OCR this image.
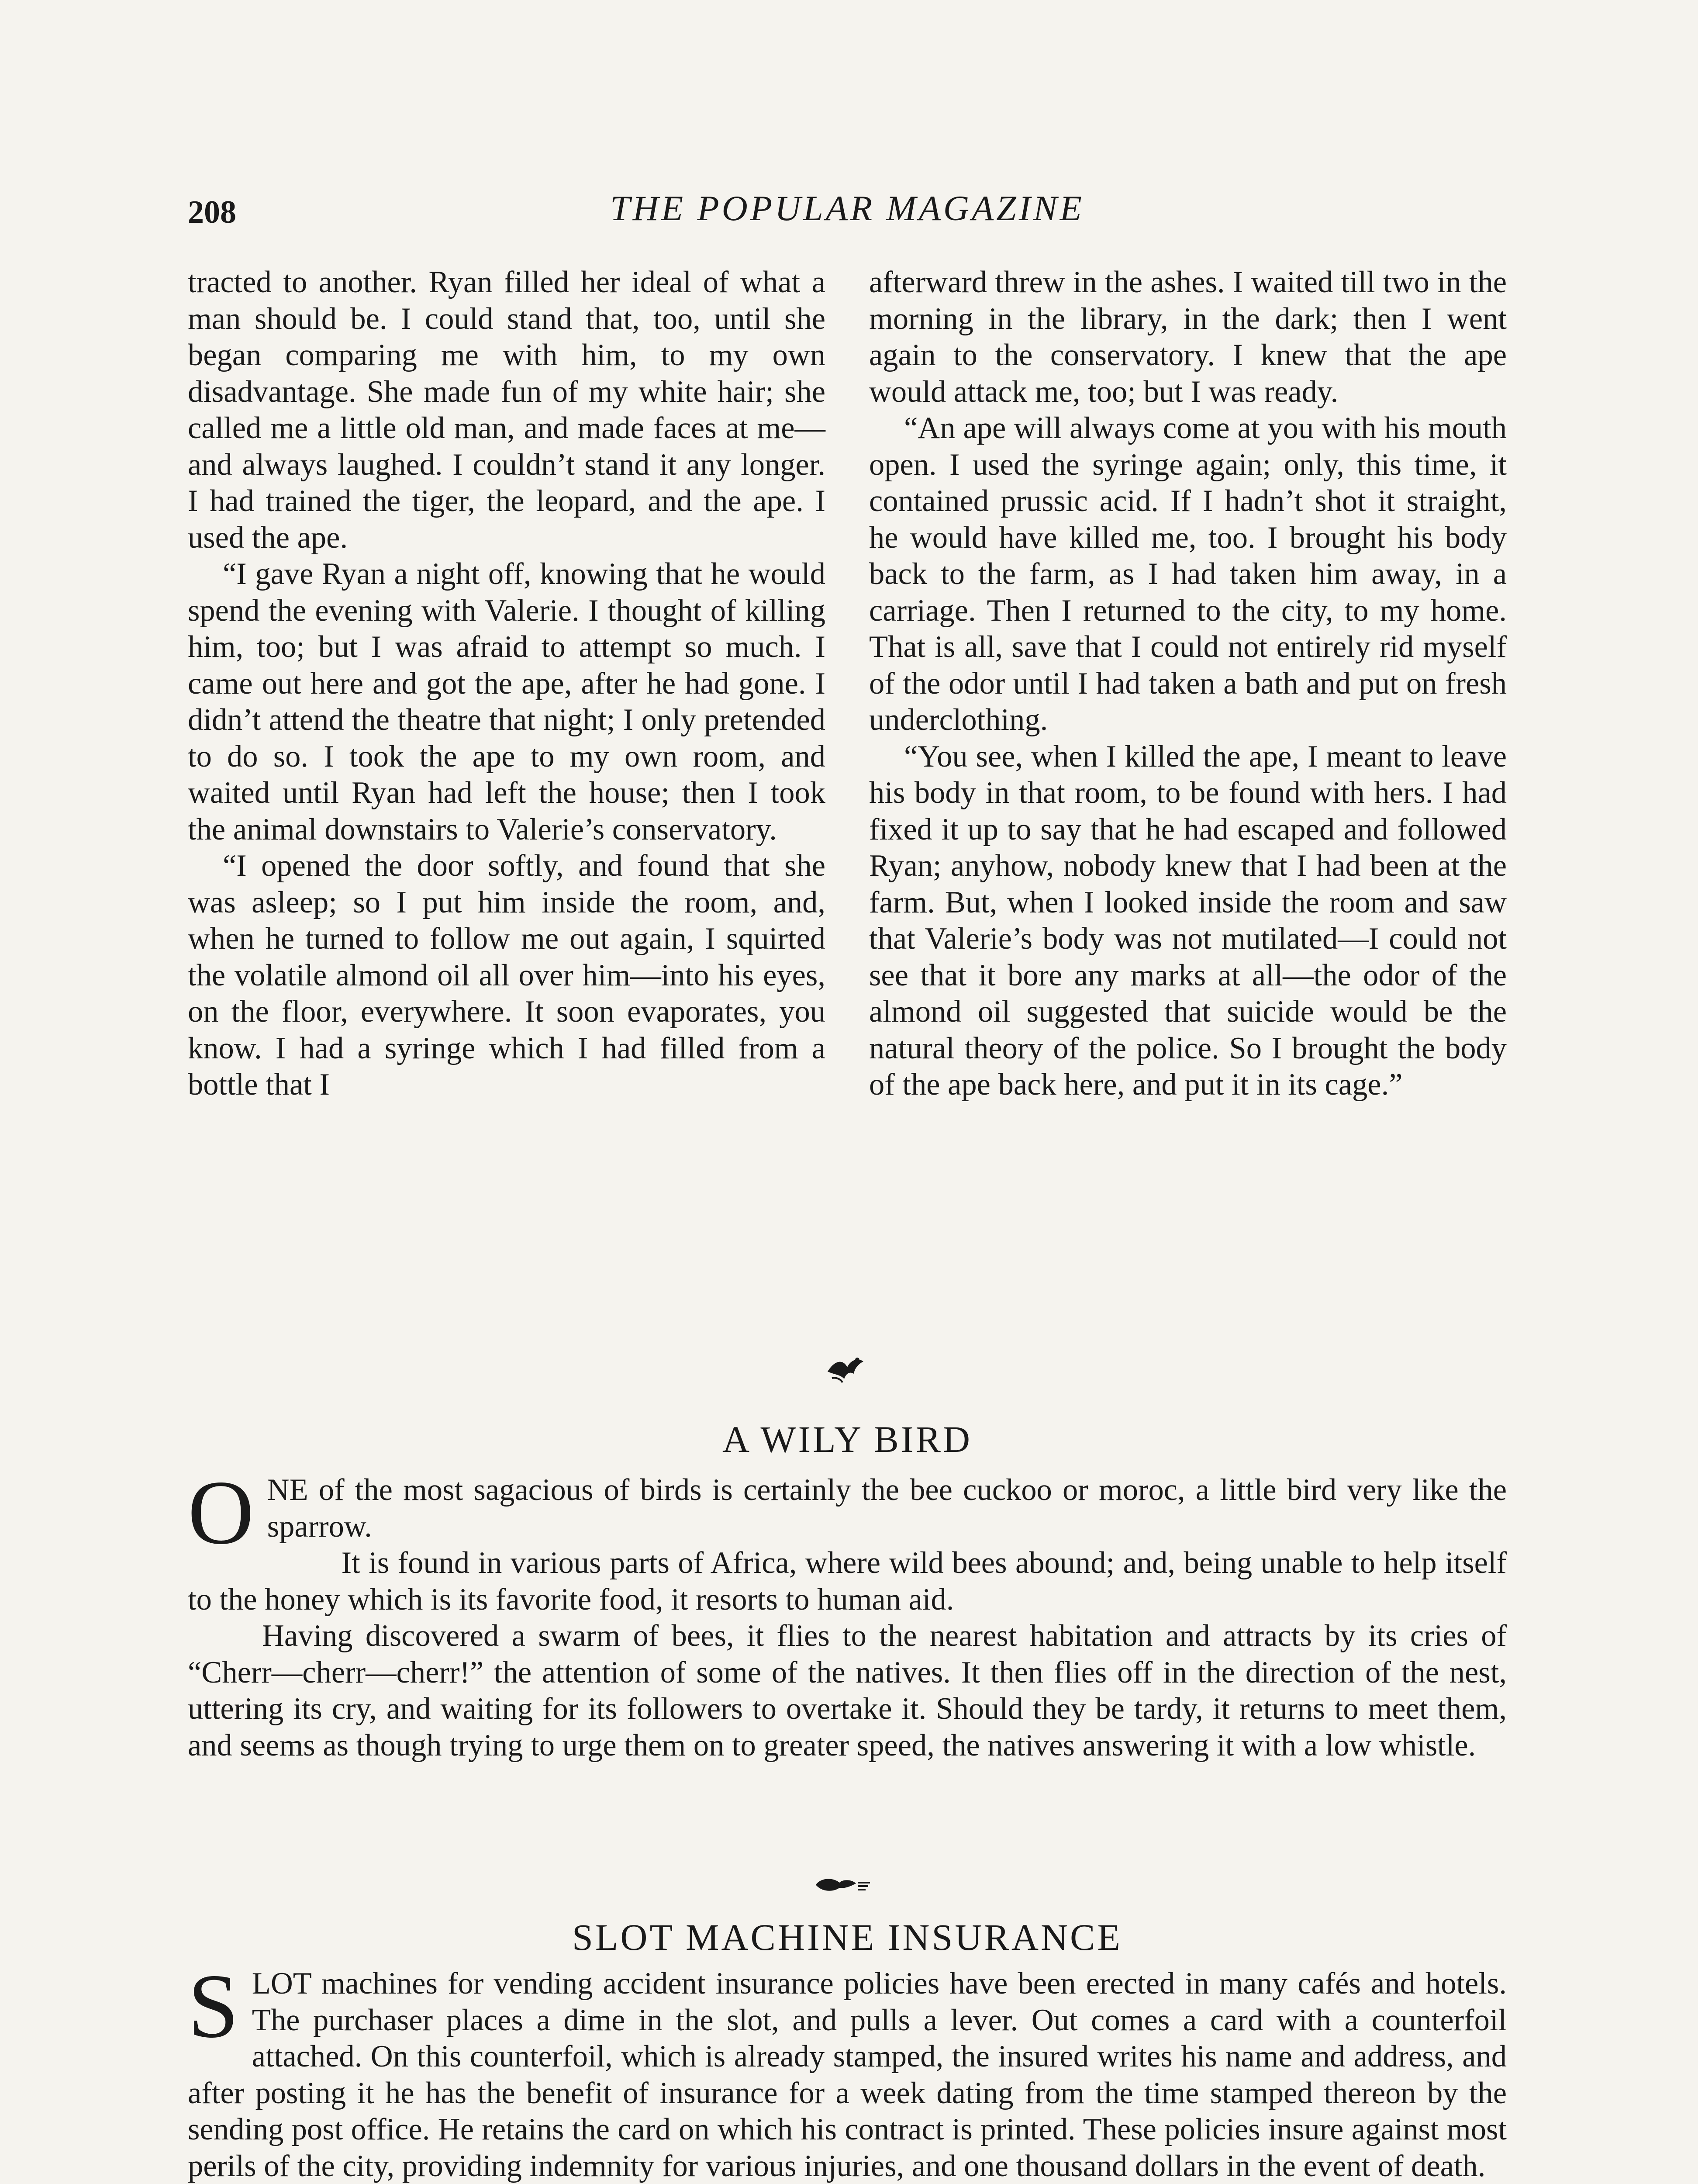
208	THE POPULAR MAGAZINE

tracted to another. Ryan filled her ideal of what a man should be. I could stand that, too, until she began comparing me with him, to my own disadvantage. She made fun of my white hair; she called me a little old man, and made faces at me—and always laughed. I couldn’t stand it any longer. I had trained the tiger, the leopard, and the ape. I used the ape.

“I gave Ryan a night off, knowing that he would spend the evening with Valerie. I thought of killing him, too; but I was afraid to attempt so much. I came out here and got the ape, after he had gone. I didn’t attend the theatre that night; I only pretended to do so. I took the ape to my own room, and waited until Ryan had left the house; then I took the animal downstairs to Valerie’s conservatory.

“I opened the door softly, and found that she was asleep; so I put him inside the room, and, when he turned to follow me out again, I squirted the volatile almond oil all over him—into his eyes, on the floor, everywhere. It soon evaporates, you know. I had a syringe which I had filled from a bottle that I

afterward threw in the ashes. I waited till two in the morning in the library, in the dark; then I went again to the conservatory. I knew that the ape would attack me, too; but I was ready.

“An ape will always come at you with his mouth open. I used the syringe again; only, this time, it contained prussic acid. If I hadn’t shot it straight, he would have killed me, too. I brought his body back to the farm, as I had taken him away, in a carriage. Then I returned to the city, to my home. That is all, save that I could not entirely rid myself of the odor until I had taken a bath and put on fresh underclothing.

“You see, when I killed the ape, I meant to leave his body in that room, to be found with hers. I had fixed it up to say that he had escaped and followed Ryan; anyhow, nobody knew that I had been at the farm. But, when I looked inside the room and saw that Valerie’s body was not mutilated—I could not see that it bore any marks at all—the odor of the almond oil suggested that suicide would be the natural theory of the police. So I brought the body of the ape back here, and put it in its cage.”

A WILY BIRD

ONE of the most sagacious of birds is certainly the bee cuckoo or moroc, a little bird very like the sparrow.

It is found in various parts of Africa, where wild bees abound; and, being unable to help itself to the honey which is its favorite food, it resorts to human aid.

Having discovered a swarm of bees, it flies to the nearest habitation and attracts by its cries of “Cherr—cherr—cherr!” the attention of some of the natives. It then flies off in the direction of the nest, uttering its cry, and waiting for its followers to overtake it. Should they be tardy, it returns to meet them, and seems as though trying to urge them on to greater speed, the natives answering it with a low whistle.

SLOT MACHINE INSURANCE

SLOT machines for vending accident insurance policies have been erected in many cafés and hotels. The purchaser places a dime in the slot, and pulls a lever. Out comes a card with a counterfoil attached. On this counterfoil, which is already stamped, the insured writes his name and address, and after posting it he has the benefit of insurance for a week dating from the time stamped thereon by the sending post office. He retains the card on which his contract is printed. These policies insure against most perils of the city, providing indemnity for various injuries, and one thousand dollars in the event of death.
